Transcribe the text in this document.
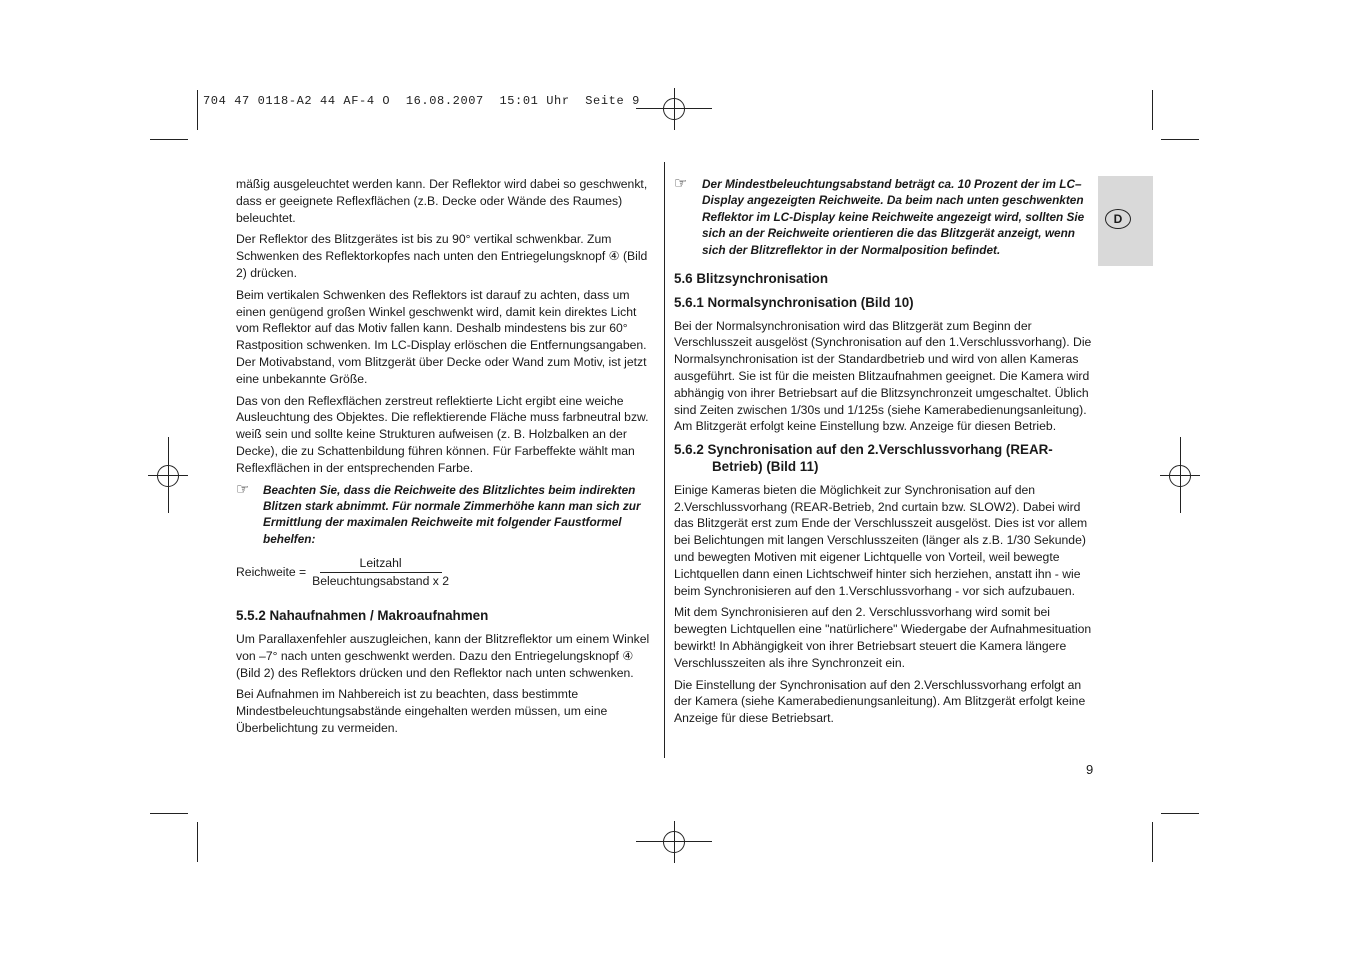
704 47 0118-A2 44 AF-4 O  16.08.2007  15:01 Uhr  Seite 9
D

mäßig ausgeleuchtet werden kann. Der Reflektor wird dabei so geschwenkt, dass er geeignete Reflexflächen (z.B. Decke oder Wände des Raumes) beleuchtet.

Der Reflektor des Blitzgerätes ist bis zu 90° vertikal schwenkbar. Zum Schwenken des Reflektorkopfes nach unten den Entriegelungsknopf ④ (Bild 2) drücken.

Beim vertikalen Schwenken des Reflektors ist darauf zu achten, dass um einen genügend großen Winkel geschwenkt wird, damit kein direktes Licht vom Reflektor auf das Motiv fallen kann. Deshalb mindestens bis zur 60° Rastposition schwenken. Im LC-Display erlöschen die Entfernungsangaben. Der Motivabstand, vom Blitzgerät über Decke oder Wand zum Motiv, ist jetzt eine unbekannte Größe.

Das von den Reflexflächen zerstreut reflektierte Licht ergibt eine weiche Ausleuchtung des Objektes. Die reflektierende Fläche muss farbneutral bzw. weiß sein und sollte keine Strukturen aufweisen (z. B. Holzbalken an der Decke), die zu Schattenbildung führen können. Für Farbeffekte wählt man Reflexflächen in der entsprechenden Farbe.

☞	Beachten Sie, dass die Reichweite des Blitzlichtes beim indirekten Blitzen stark abnimmt. Für normale Zimmerhöhe kann man sich zur Ermittlung der maximalen Reichweite mit folgender Faustformel behelfen:
Reichweite = $\frac{\text{Leitzahl}}{\text{Beleuchtungsabstand x 2}}$
5.5.2 Nahaufnahmen / Makroaufnahmen

Um Parallaxenfehler auszugleichen, kann der Blitzreflektor um einem Winkel von –7° nach unten geschwenkt werden. Dazu den Entriegelungsknopf ④ (Bild 2) des Reflektors drücken und den Reflektor nach unten schwenken.

Bei Aufnahmen im Nahbereich ist zu beachten, dass bestimmte Mindestbeleuchtungsabstände eingehalten werden müssen, um eine Überbelichtung zu vermeiden.

☞	Der Mindestbeleuchtungsabstand beträgt ca. 10 Prozent der im LC–Display angezeigten Reichweite. Da beim nach unten geschwenkten Reflektor im LC-Display keine Reichweite angezeigt wird, sollten Sie sich an der Reichweite orientieren die das Blitzgerät anzeigt, wenn sich der Blitzreflektor in der Normalposition befindet.
5.6 Blitzsynchronisation
5.6.1 Normalsynchronisation (Bild 10)

Bei der Normalsynchronisation wird das Blitzgerät zum Beginn der Verschlusszeit ausgelöst (Synchronisation auf den 1.Verschlussvorhang). Die Normalsynchronisation ist der Standardbetrieb und wird von allen Kameras ausgeführt. Sie ist für die meisten Blitzaufnahmen geeignet. Die Kamera wird abhängig von ihrer Betriebsart auf die Blitzsynchronzeit umgeschaltet. Üblich sind Zeiten zwischen 1/30s und 1/125s (siehe Kamerabedienungsanleitung). Am Blitzgerät erfolgt keine Einstellung bzw. Anzeige für diesen Betrieb.

5.6.2 Synchronisation auf den 2.Verschlussvorhang (REAR-Betrieb) (Bild 11)

Einige Kameras bieten die Möglichkeit zur Synchronisation auf den 2.Verschlussvorhang (REAR-Betrieb, 2nd curtain bzw. SLOW2). Dabei wird das Blitzgerät erst zum Ende der Verschlusszeit ausgelöst. Dies ist vor allem bei Belichtungen mit langen Verschlusszeiten (länger als z.B. 1/30 Sekunde) und bewegten Motiven mit eigener Lichtquelle von Vorteil, weil bewegte Lichtquellen dann einen Lichtschweif hinter sich herziehen, anstatt ihn - wie beim Synchronisieren auf den 1.Verschlussvorhang - vor sich aufzubauen.

Mit dem Synchronisieren auf den 2. Verschlussvorhang wird somit bei bewegten Lichtquellen eine "natürlichere" Wiedergabe der Aufnahmesituation bewirkt! In Abhängigkeit von ihrer Betriebsart steuert die Kamera längere Verschlusszeiten als ihre Synchronzeit ein.

Die Einstellung der Synchronisation auf den 2.Verschlussvorhang erfolgt an der Kamera (siehe Kamerabedienungsanleitung). Am Blitzgerät erfolgt keine Anzeige für diese Betriebsart.

9
